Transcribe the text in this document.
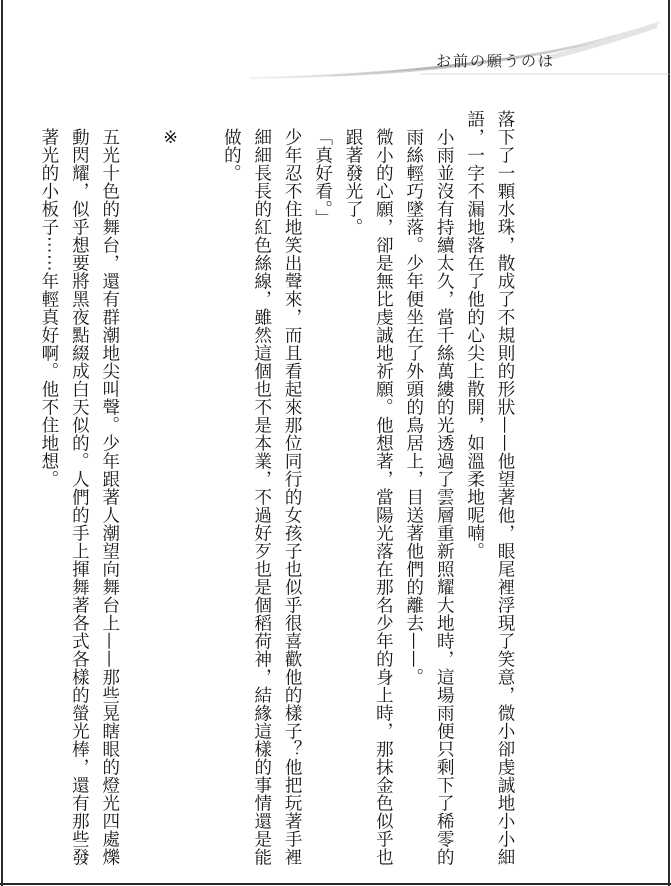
お前の願うのは

落下了一顆水珠，散成了不規則的形狀——他望著他，眼尾裡浮現了笑意，微小卻虔誠地小小細語，一字不漏地落在了他的心尖上散開，如溫柔地呢喃。

小雨並沒有持續太久，當千絲萬縷的光透過了雲層重新照耀大地時，這場雨便只剩下了稀零的雨絲輕巧墜落。少年便坐在了外頭的鳥居上，目送著他們的離去——。

微小的心願，卻是無比虔誠地祈願。他想著，當陽光落在那名少年的身上時，那抹金色似乎也跟著發光了。

「真好看。」

少年忍不住地笑出聲來，而且看起來那位同行的女孩子也似乎很喜歡他的樣子？他把玩著手裡細細長長的紅色絲線，雖然這個也不是本業，不過好歹也是個稻荷神，結緣這樣的事情還是能做的。

※

五光十色的舞台，還有群潮地尖叫聲。少年跟著人潮望向舞台上——那些晃瞎眼的燈光四處爍動閃耀，似乎想要將黑夜點綴成白天似的。人們的手上揮舞著各式各樣的螢光棒，還有那些發著光的小板子⋯⋯年輕真好啊。他不住地想。
